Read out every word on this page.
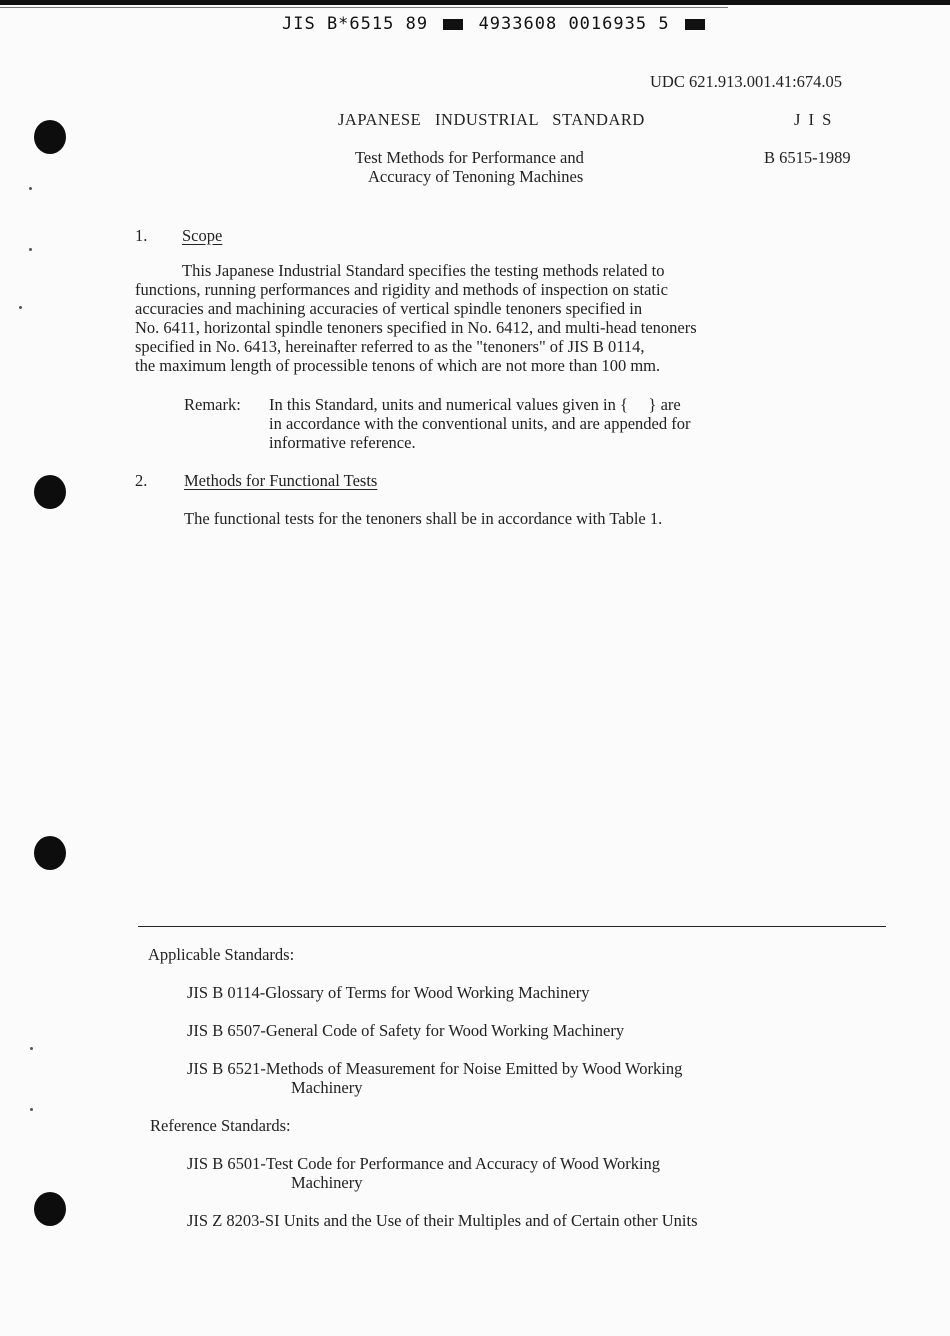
JIS B*6515 89	4933608 0016935 5
UDC 621.913.001.41:674.05
JAPANESE   INDUSTRIAL   STANDARD	J I S
Test Methods for Performance and
Accuracy of Tenoning Machines
B 6515-1989
1. Scope
This Japanese Industrial Standard specifies the testing methods related to
functions, running performances and rigidity and methods of inspection on static
accuracies and machining accuracies of vertical spindle tenoners specified in
No. 6411, horizontal spindle tenoners specified in No. 6412, and multi-head tenoners
specified in No. 6413, hereinafter referred to as the "tenoners" of JIS B 0114,
the maximum length of processible tenons of which are not more than 100 mm.
Remark: In this Standard, units and numerical values given in {     } are
in accordance with the conventional units, and are appended for
informative reference.
2. Methods for Functional Tests
The functional tests for the tenoners shall be in accordance with Table 1.
Applicable Standards:
JIS B 0114-Glossary of Terms for Wood Working Machinery
JIS B 6507-General Code of Safety for Wood Working Machinery
JIS B 6521-Methods of Measurement for Noise Emitted by Wood Working
Machinery
Reference Standards:
JIS B 6501-Test Code for Performance and Accuracy of Wood Working
Machinery
JIS Z 8203-SI Units and the Use of their Multiples and of Certain other Units
